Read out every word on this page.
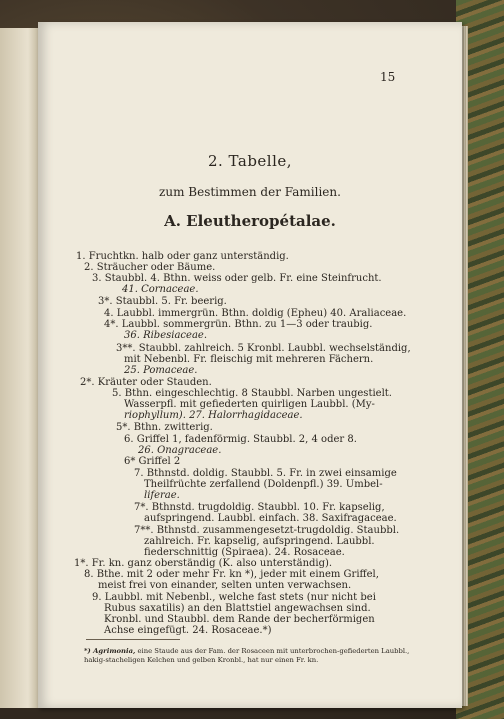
15
2. Tabelle,
zum Bestimmen der Familien.
A. Eleutheropétalae.
1. Fruchtkn. halb oder ganz unterständig.
2. Sträucher oder Bäume.
3. Staubbl. 4. Bthn. weiss oder gelb. Fr. eine Steinfrucht.
41. Cornaceae.
3*. Staubbl. 5. Fr. beerig.
4. Laubbl. immergrün. Bthn. doldig (Epheu) 40. Araliaceae.
4*. Laubbl. sommergrün. Bthn. zu 1—3 oder traubig.
36. Ribesiaceae.
3**. Staubbl. zahlreich. 5 Kronbl. Laubbl. wechselständig,
mit Nebenbl. Fr. fleischig mit mehreren Fächern.
25. Pomaceae.
2*. Kräuter oder Stauden.
5. Bthn. eingeschlechtig. 8 Staubbl. Narben ungestielt.
Wasserpfl. mit gefiederten quirligen Laubbl. (My-
riophyllum). 27. Halorrhagidaceae.
5*. Bthn. zwitterig.
6. Griffel 1, fadenförmig. Staubbl. 2, 4 oder 8.
26. Onagraceae.
6* Griffel 2
7. Bthnstd. doldig. Staubbl. 5. Fr. in zwei einsamige
Theilfrüchte zerfallend (Doldenpfl.) 39. Umbel-
liferae.
7*. Bthnstd. trugdoldig. Staubbl. 10. Fr. kapselig,
aufspringend. Laubbl. einfach. 38. Saxifragaceae.
7**. Bthnstd. zusammengesetzt-trugdoldig. Staubbl.
zahlreich. Fr. kapselig, aufspringend. Laubbl.
fiederschnittig (Spiraea). 24. Rosaceae.
1*. Fr. kn. ganz oberständig (K. also unterständig).
8. Bthe. mit 2 oder mehr Fr. kn *), jeder mit einem Griffel,
meist frei von einander, selten unten verwachsen.
9. Laubbl. mit Nebenbl., welche fast stets (nur nicht bei
Rubus saxatilis) an den Blattstiel angewachsen sind.
Kronbl. und Staubbl. dem Rande der becherförmigen
Achse eingefügt. 24. Rosaceae.*)
*) Agrimonia, eine Staude aus der Fam. der Rosaceen mit unterbrochen-gefiederten Laubbl., hakig-stacheligen Kelchen und gelben Kronbl., hat nur einen Fr. kn.
